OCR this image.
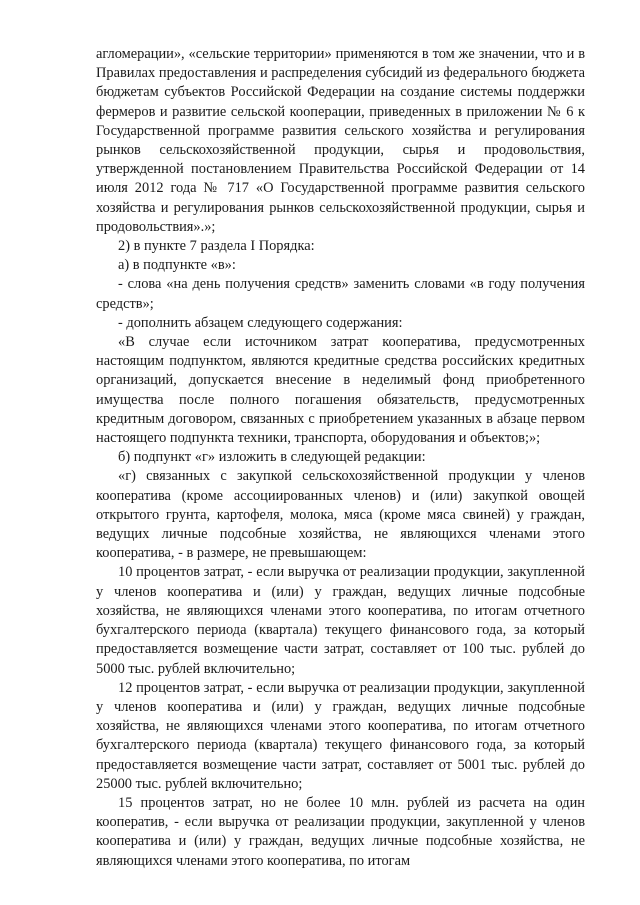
агломерации», «сельские территории» применяются в том же значении, что и в Правилах предоставления и распределения субсидий из федерального бюджета бюджетам субъектов Российской Федерации на создание системы поддержки фермеров и развитие сельской кооперации, приведенных в приложении № 6 к Государственной программе развития сельского хозяйства и регулирования рынков сельскохозяйственной продукции, сырья и продовольствия, утвержденной постановлением Правительства Российской Федерации от 14 июля 2012 года № 717 «О Государственной программе развития сельского хозяйства и регулирования рынков сельскохозяйственной продукции, сырья и продовольствия».»;

2) в пункте 7 раздела I Порядка:

а) в подпункте «в»:

- слова «на день получения средств» заменить словами «в году получения средств»;

- дополнить абзацем следующего содержания:

«В случае если источником затрат кооператива, предусмотренных настоящим подпунктом, являются кредитные средства российских кредитных организаций, допускается внесение в неделимый фонд приобретенного имущества после полного погашения обязательств, предусмотренных кредитным договором, связанных с приобретением указанных в абзаце первом настоящего подпункта техники, транспорта, оборудования и объектов;»;

б) подпункт «г» изложить в следующей редакции:

«г) связанных с закупкой сельскохозяйственной продукции у членов кооператива (кроме ассоциированных членов) и (или) закупкой овощей открытого грунта, картофеля, молока, мяса (кроме мяса свиней) у граждан, ведущих личные подсобные хозяйства, не являющихся членами этого кооператива, - в размере, не превышающем:

10 процентов затрат, - если выручка от реализации продукции, закупленной у членов кооператива и (или) у граждан, ведущих личные подсобные хозяйства, не являющихся членами этого кооператива, по итогам отчетного бухгалтерского периода (квартала) текущего финансового года, за который предоставляется возмещение части затрат, составляет от 100 тыс. рублей до 5000 тыс. рублей включительно;

12 процентов затрат, - если выручка от реализации продукции, закупленной у членов кооператива и (или) у граждан, ведущих личные подсобные хозяйства, не являющихся членами этого кооператива, по итогам отчетного бухгалтерского периода (квартала) текущего финансового года, за который предоставляется возмещение части затрат, составляет от 5001 тыс. рублей до 25000 тыс. рублей включительно;

15 процентов затрат, но не более 10 млн. рублей из расчета на один кооператив, - если выручка от реализации продукции, закупленной у членов кооператива и (или) у граждан, ведущих личные подсобные хозяйства, не являющихся членами этого кооператива, по итогам
